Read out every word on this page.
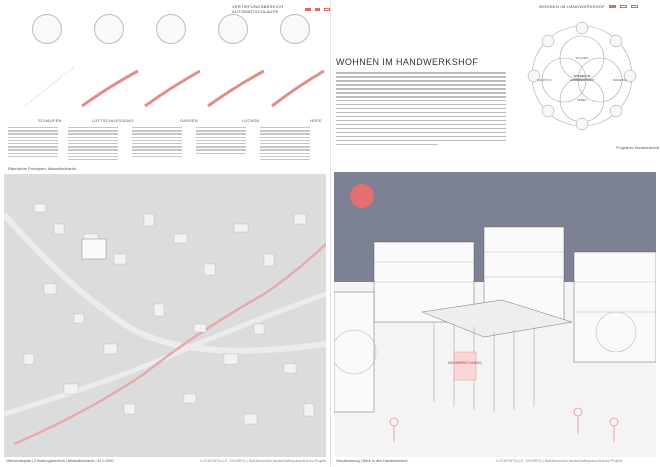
VERTIEFUNGSBEREICH AUTOMATISCHLAUFE
SCHAUFEN	LUFTSCHLIESSUNG	GASSEN	LÜCKEN	HÖFE
Räumliche Prinzipien: Altstadtschlaufe
Übersichtsplan | Erhaltungsbereich | Altstadtschlaufe | M 1:1000	LÜCKENFÜLLE, GEHREN | Städtebaulich-landschaftsplanerisches Projekt
WOHNEN IM HANDWERKSHOF
WOHNEN IM HANDWERKSHOF	WOHNEN
TRADITION	MODERNE
WOHNEN IM HANDWERKSHOF
ARBEIT
Programm Handwerkshof
HANDWERKS HANDEL
Visualisierung | Blick in den Handwerkshof	LÜCKENFÜLLE, GEHREN | Städtebaulich-landschaftsplanerisches Projekt
